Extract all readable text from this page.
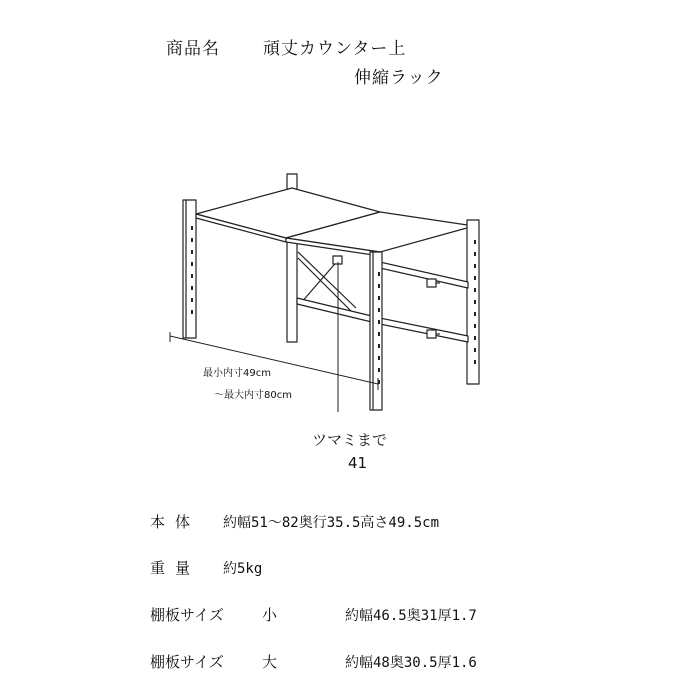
商品名	頑丈カウンター上
伸縮ラック
最小内寸49cm
～最大内寸80cm
ツマミまで
41
本体 約幅51～82奥行35.5高さ49.5cm
重量 約5kg
棚板サイズ	小	約幅46.5奥31厚1.7
棚板サイズ	大	約幅48奥30.5厚1.6
